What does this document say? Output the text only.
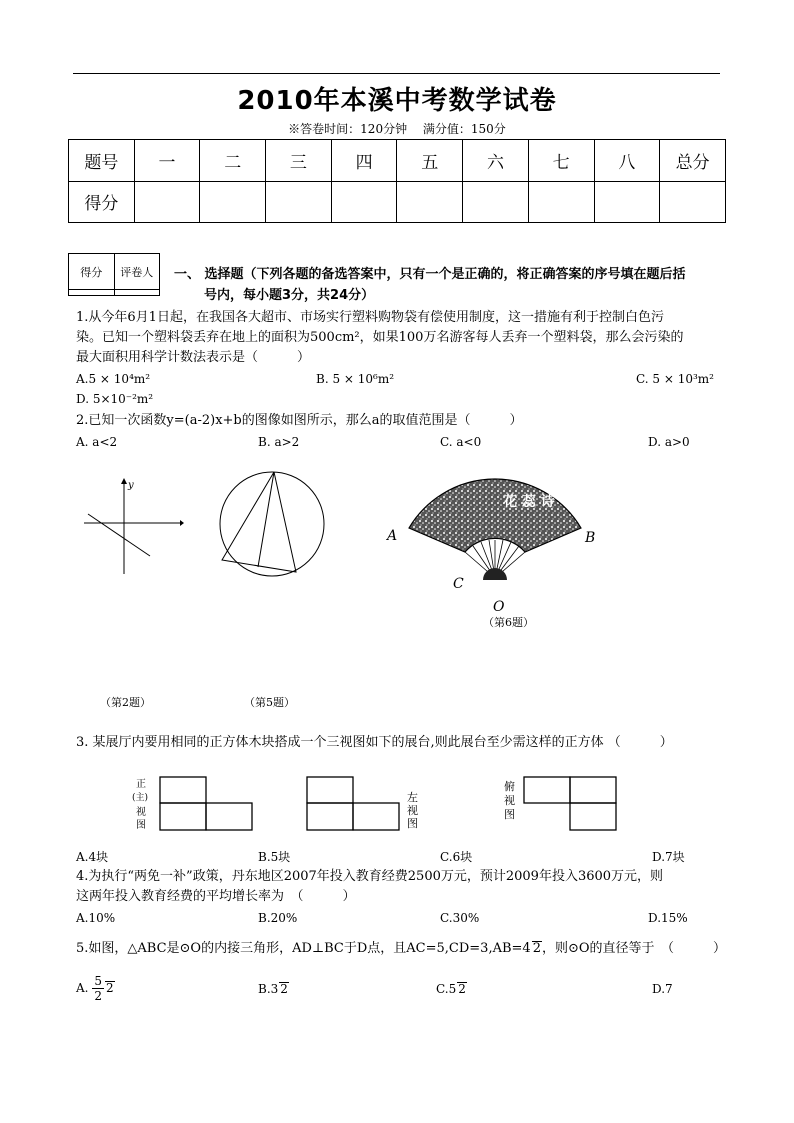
2010年本溪中考数学试卷
※答卷时间：120分钟 满分值：150分
题号	一	二	三	四	五	六	七	八	总分
得分									
得分	评卷人
	一、 选择题（下列各题的备选答案中，只有一个是正确的，将正确答案的序号填在题后括
号内，每小题3分，共24分）
1.从今年6月1日起，在我国各大超市、市场实行塑料购物袋有偿使用制度，这一措施有利于控制白色污
染。已知一个塑料袋丢弃在地上的面积为500cm²，如果100万名游客每人丢弃一个塑料袋，那么会污染的
最大面积用科学计数法表示是（　　　）
A.5 × 10⁴m²	B. 5 × 10⁶m²	C. 5 × 10³m²
D. 5×10⁻²m²
2.已知一次函数y=(a-2)x+b的图像如图所示，那么a的取值范围是（　　　）
A. a<2	B. a>2	C. a<0	D. a>0
y
花 蕊 诗
A	B
C
O
（第6题）
（第2题）	（第5题）
3. 某展厅内要用相同的正方体木块搭成一个三视图如下的展台,则此展台至少需这样的正方体 （　　　）
正
(主)
视
图
左
视
图
俯
视
图
A.4块	B.5块	C.6块	D.7块
4.为执行“两免一补”政策，丹东地区2007年投入教育经费2500万元，预计2009年投入3600万元，则
这两年投入教育经费的平均增长率为　（　　　）
A.10%	B.20%	C.30%	D.15%
5.如图，△ABC是⊙O的内接三角形，AD⊥BC于D点，且AC=5,CD=3,AB=4 2，则⊙O的直径等于　（　　　）
A. $\frac{5}{2} 2$	B.3 2	C.5 2	D.7
